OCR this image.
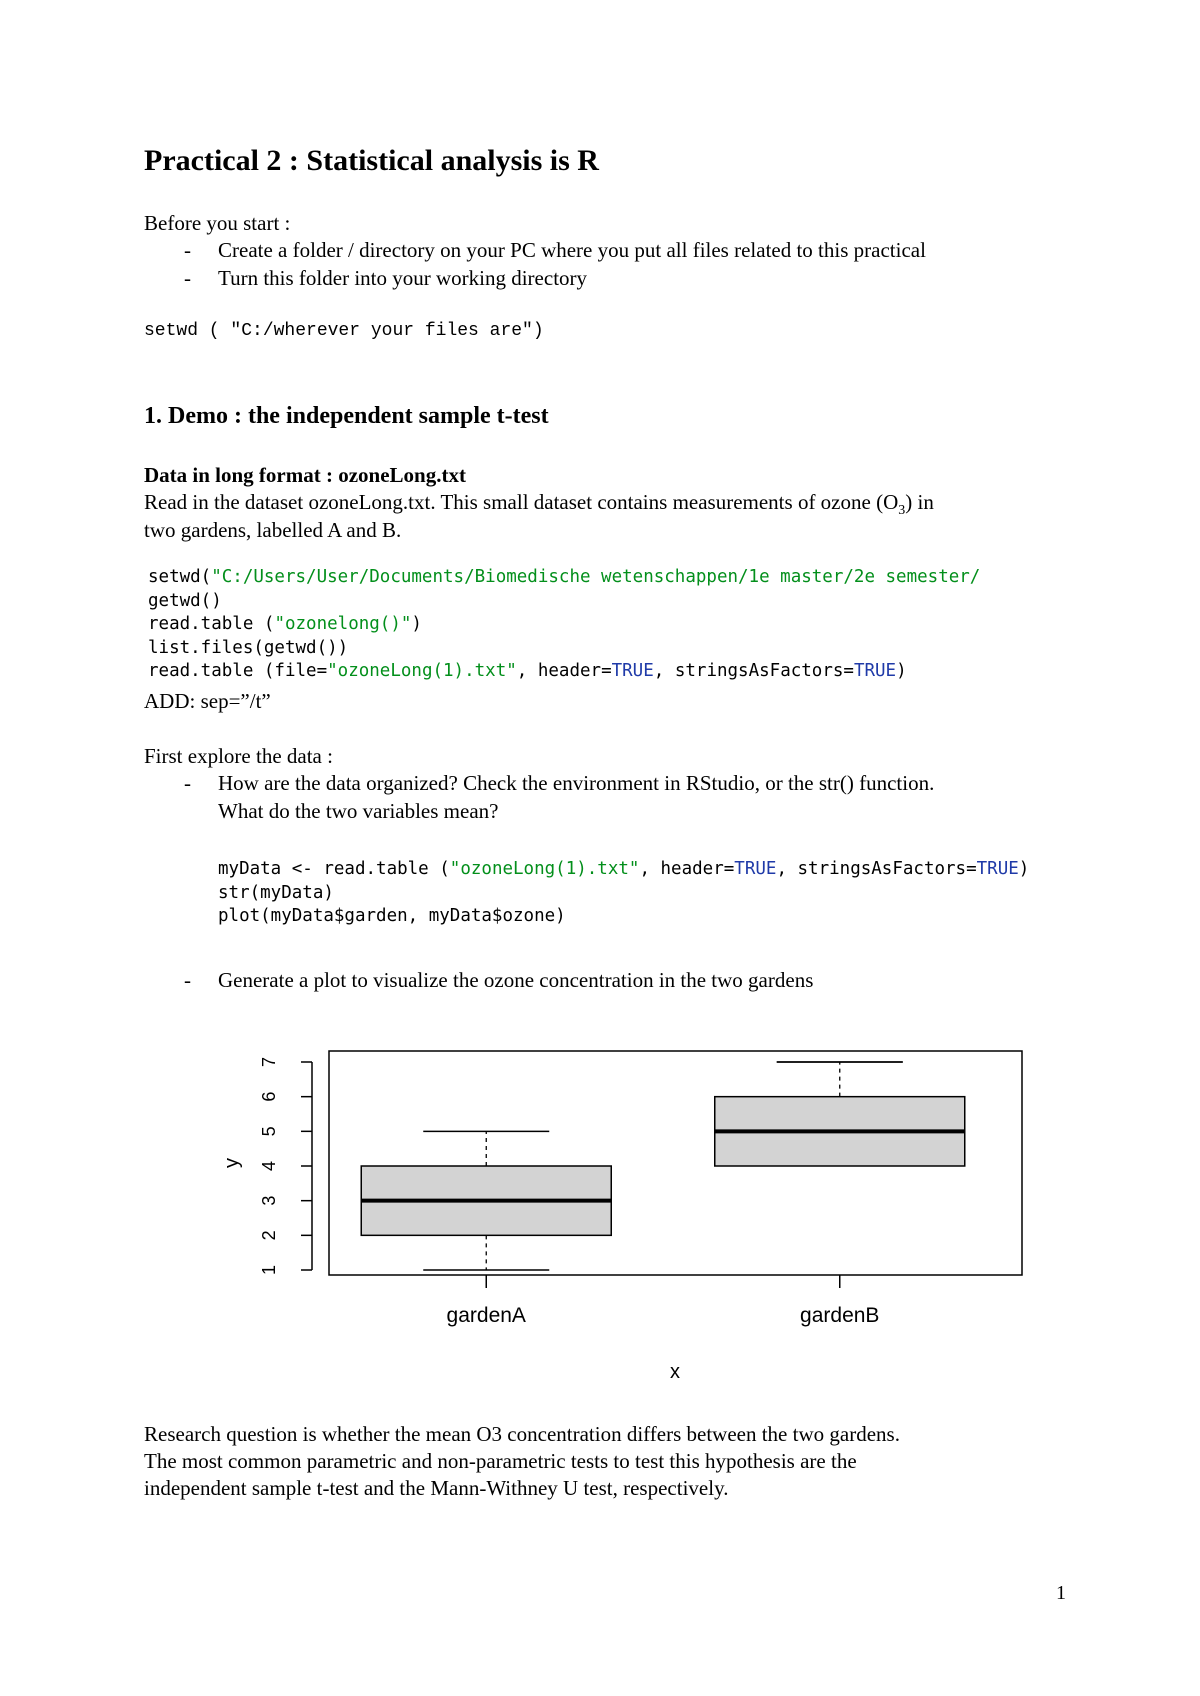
Practical 2 : Statistical analysis is R
Before you start :
- Create a folder / directory on your PC where you put all files related to this practical
- Turn this folder into your working directory
setwd ( "C:/wherever your files are")
1. Demo : the independent sample t-test
Data in long format : ozoneLong.txt
Read in the dataset ozoneLong.txt. This small dataset contains measurements of ozone $(O_3)$ in
two gardens, labelled A and B.
setwd("C:/Users/User/Documents/Biomedische wetenschappen/1e master/2e semester/
getwd()
read.table ("ozonelong()")
list.files(getwd())
read.table (file="ozoneLong(1).txt", header=TRUE, stringsAsFactors=TRUE)
ADD: sep=”/t”
First explore the data :
- How are the data organized? Check the environment in RStudio, or the str() function.
What do the two variables mean?
myData <- read.table ("ozoneLong(1).txt", header=TRUE, stringsAsFactors=TRUE)
str(myData)
plot(myData$garden, myData$ozone)
- Generate a plot to visualize the ozone concentration in the two gardens
1
2
3
4
5
6
7
gardenA	gardenB
y
x
Research question is whether the mean O3 concentration differs between the two gardens.
The most common parametric and non-parametric tests to test this hypothesis are the
independent sample t-test and the Mann-Withney U test, respectively.
1
